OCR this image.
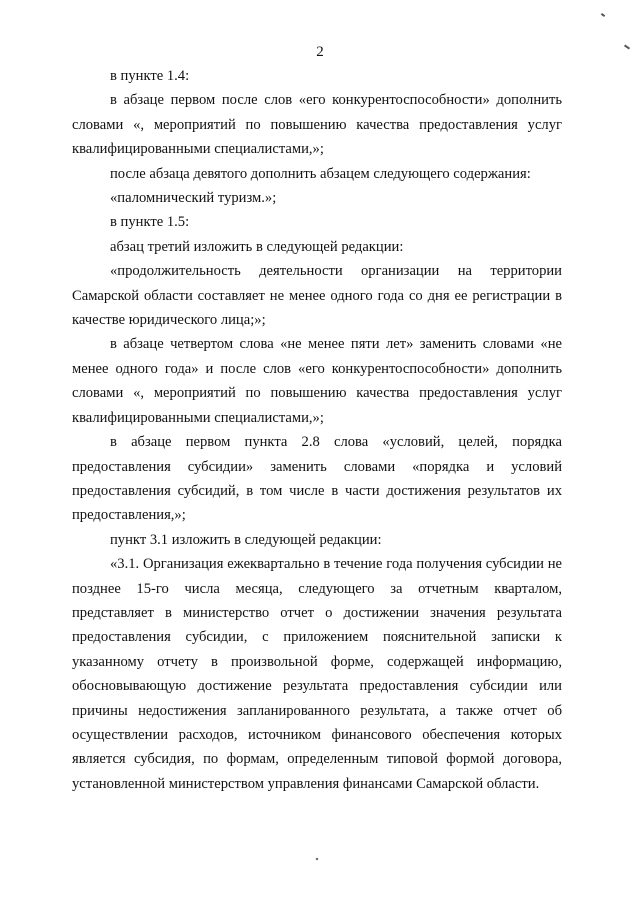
2

в пункте 1.4:

в абзаце первом после слов «его конкурентоспособности» дополнить словами «, мероприятий по повышению качества предоставления услуг квалифицированными специалистами,»;

после абзаца девятого дополнить абзацем следующего содержания:

«паломнический туризм.»;

в пункте 1.5:

абзац третий изложить в следующей редакции:

«продолжительность деятельности организации на территории Самарской области составляет не менее одного года со дня ее регистрации в качестве юридического лица;»;

в абзаце четвертом слова «не менее пяти лет» заменить словами «не менее одного года» и после слов «его конкурентоспособности» дополнить словами «, мероприятий по повышению качества предоставления услуг квалифицированными специалистами,»;

в абзаце первом пункта 2.8 слова «условий, целей, порядка предоставления субсидии» заменить словами «порядка и условий предоставления субсидий, в том числе в части достижения результатов их предоставления,»;

пункт 3.1 изложить в следующей редакции:

«3.1. Организация ежеквартально в течение года получения субсидии не позднее 15-го числа месяца, следующего за отчетным кварталом, представляет в министерство отчет о достижении значения результата предоставления субсидии, с приложением пояснительной записки к указанному отчету в произвольной форме, содержащей информацию, обосновывающую достижение результата предоставления субсидии или причины недостижения запланированного результата, а также отчет об осуществлении расходов, источником финансового обеспечения которых является субсидия, по формам, определенным типовой формой договора, установленной министерством управления финансами Самарской области.
